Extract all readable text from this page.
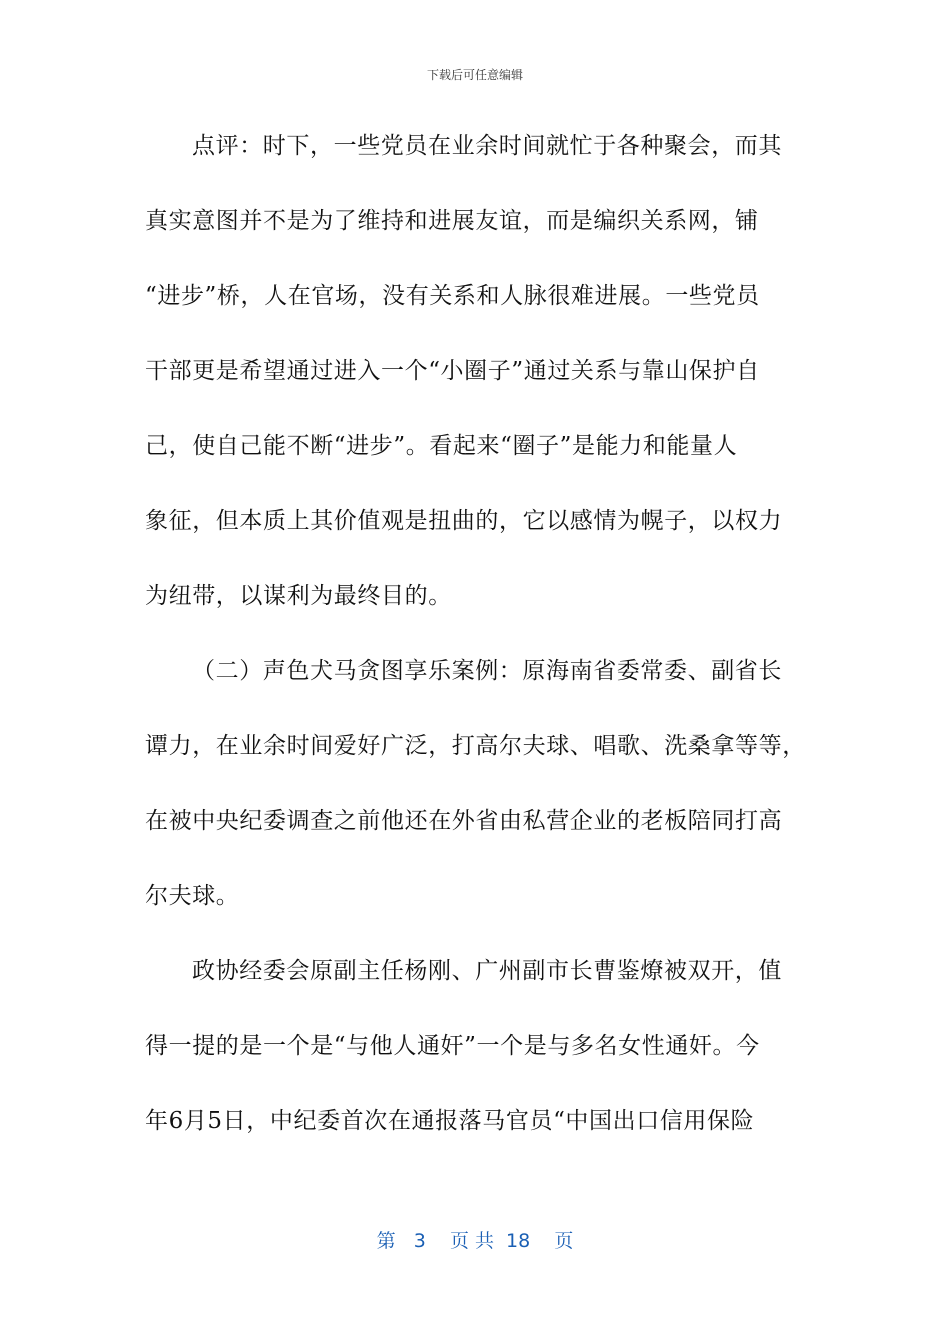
下载后可任意编辑
点评：时下，一些党员在业余时间就忙于各种聚会，而其
真实意图并不是为了维持和进展友谊，而是编织关系网，铺
“进步”桥，人在官场，没有关系和人脉很难进展。一些党员
干部更是希望通过进入一个“小圈子”通过关系与靠山保护自
己，使自己能不断“进步”。看起来“圈子”是能力和能量人
象征，但本质上其价值观是扭曲的，它以感情为幌子，以权力
为纽带，以谋利为最终目的。
（二）声色犬马贪图享乐案例：原海南省委常委、副省长
谭力，在业余时间爱好广泛，打高尔夫球、唱歌、洗桑拿等等，
在被中央纪委调查之前他还在外省由私营企业的老板陪同打高
尔夫球。
政协经委会原副主任杨刚、广州副市长曹鉴燎被双开，值
得一提的是一个是“与他人通奸”一个是与多名女性通奸。今
年6月5日，中纪委首次在通报落马官员“中国出口信用保险
第   3    页 共  18    页
